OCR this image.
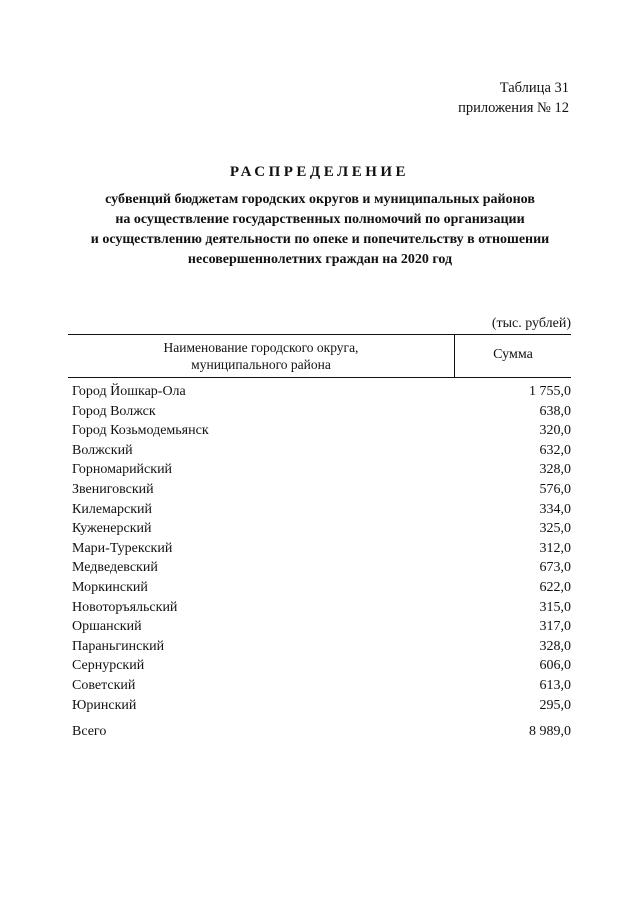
Таблица 31
приложения № 12
РАСПРЕДЕЛЕНИЕ
субвенций бюджетам городских округов и муниципальных районов
на осуществление государственных полномочий по организации
и осуществлению деятельности по опеке и попечительству в отношении
несовершеннолетних граждан на 2020 год
(тыс. рублей)
Наименование городского округа,
муниципального района
Сумма
Город Йошкар-Ола	1 755,0
Город Волжск	638,0
Город Козьмодемьянск	320,0
Волжский	632,0
Горномарийский	328,0
Звениговский	576,0
Килемарский	334,0
Куженерский	325,0
Мари-Турекский	312,0
Медведевский	673,0
Моркинский	622,0
Новоторъяльский	315,0
Оршанский	317,0
Параньгинский	328,0
Сернурский	606,0
Советский	613,0
Юринский	295,0
Всего	8 989,0
